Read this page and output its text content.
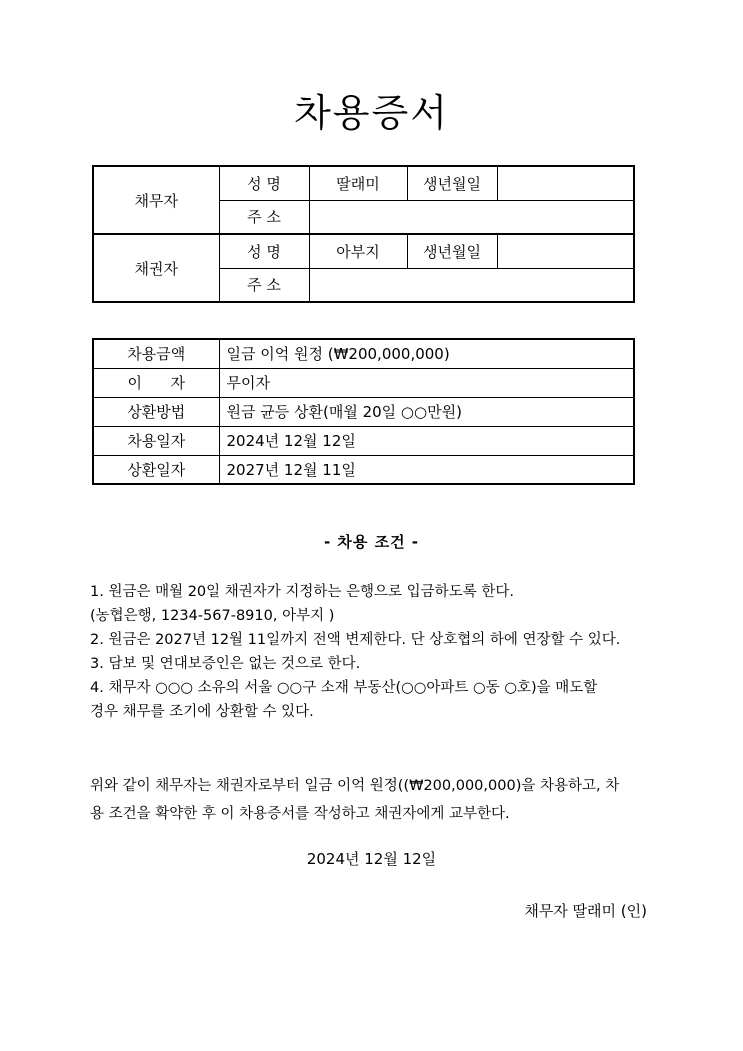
차용증서
채무자	성 명	딸래미	생년월일	
	주 소			
채권자	성 명	아부지	생년월일	
	주 소			
차용금액	일금 이억 원정 (₩200,000,000)
이      자	무이자
상환방법	원금 균등 상환(매월 20일 ○○만원)
차용일자	2024년 12월 12일
상환일자	2027년 12월 11일
- 차용 조건 -
1. 원금은 매월 20일 채권자가 지정하는 은행으로 입금하도록 한다.
(농협은행, 1234-567-8910, 아부지 )
2. 원금은 2027년 12월 11일까지 전액 변제한다. 단 상호협의 하에 연장할 수 있다.
3. 담보 및 연대보증인은 없는 것으로 한다.
4. 채무자 ○○○ 소유의 서울 ○○구 소재 부동산(○○아파트 ○동 ○호)을 매도할
경우 채무를 조기에 상환할 수 있다.
위와 같이 채무자는 채권자로부터 일금 이억 원정((₩200,000,000)을 차용하고, 차
용 조건을 확약한 후 이 차용증서를 작성하고 채권자에게 교부한다.
2024년 12월 12일
채무자 딸래미 (인)
